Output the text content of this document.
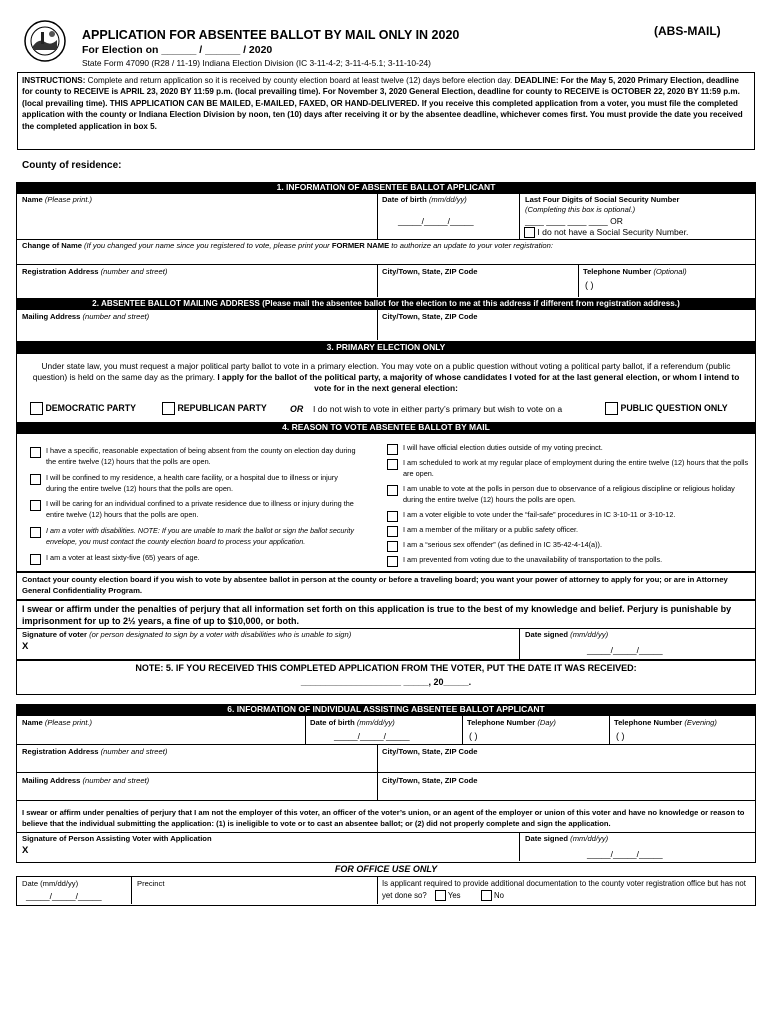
APPLICATION FOR ABSENTEE BALLOT BY MAIL ONLY IN 2020	(ABS-MAIL)
For Election on ______ / ______ / 2020
State Form 47090 (R28 / 11-19) Indiana Election Division (IC 3-11-4-2; 3-11-4-5.1; 3-11-10-24)
INSTRUCTIONS: Complete and return application so it is received by county election board at least twelve (12) days before election day. DEADLINE: For the May 5, 2020 Primary Election, deadline for county to RECEIVE is APRIL 23, 2020 BY 11:59 p.m. (local prevailing time). For November 3, 2020 General Election, deadline for county to RECEIVE is OCTOBER 22, 2020 BY 11:59 p.m. (local prevailing time). THIS APPLICATION CAN BE MAILED, E-MAILED, FAXED, OR HAND-DELIVERED. If you receive this completed application from a voter, you must file the completed application with the county or Indiana Election Division by noon, ten (10) days after receiving it or by the absentee deadline, whichever comes first. You must provide the date you received the completed application in box 5.
County of residence:
1. INFORMATION OF ABSENTEE BALLOT APPLICANT
Name (Please print.)	Date of birth (mm/dd/yy)
_____/_____/_____
Last Four Digits of Social Security Number
(Completing this box is optional.)
____ ____ ____ ____ OR
I do not have a Social Security Number.
Change of Name (If you changed your name since you registered to vote, please print your FORMER NAME to authorize an update to your voter registration:
Registration Address (number and street)	City/Town, State, ZIP Code	Telephone Number (Optional)
( )
2. ABSENTEE BALLOT MAILING ADDRESS (Please mail the absentee ballot for the election to me at this address if different from registration address.)
Mailing Address (number and street)	City/Town, State, ZIP Code
3. PRIMARY ELECTION ONLY
Under state law, you must request a major political party ballot to vote in a primary election. You may vote on a public question without voting a political party ballot, if a referendum (public question) is held on the same day as the primary. I apply for the ballot of the political party, a majority of whose candidates I voted for at the last general election, or whom I intend to vote for in the next general election:
DEMOCRATIC PARTY	REPUBLICAN PARTY	OR I do not wish to vote in either party’s primary but wish to vote on a	PUBLIC QUESTION ONLY
4. REASON TO VOTE ABSENTEE BALLOT BY MAIL
I have a specific, reasonable expectation of being absent from the county on election day during the entire twelve (12) hours that the polls are open.
I will be confined to my residence, a health care facility, or a hospital due to illness or injury during the entire twelve (12) hours that the polls are open.
I will be caring for an individual confined to a private residence due to illness or injury during the entire twelve (12) hours that the polls are open.
I am a voter with disabilities. NOTE: If you are unable to mark the ballot or sign the ballot security envelope, you must contact the county election board to process your application.
I am a voter at least sixty-five (65) years of age.
I will have official election duties outside of my voting precinct.
I am scheduled to work at my regular place of employment during the entire twelve (12) hours that the polls are open.
I am unable to vote at the polls in person due to observance of a religious discipline or religious holiday during the entire twelve (12) hours the polls are open.
I am a voter eligible to vote under the “fail-safe” procedures in IC 3-10-11 or 3-10-12.
I am a member of the military or a public safety officer.
I am a “serious sex offender” (as defined in IC 35-42-4-14(a)).
I am prevented from voting due to the unavailability of transportation to the polls.
Contact your county election board if you wish to vote by absentee ballot in person at the county or before a traveling board; you want your power of attorney to apply for you; or are in Attorney General Confidentiality Program.
I swear or affirm under the penalties of perjury that all information set forth on this application is true to the best of my knowledge and belief. Perjury is punishable by imprisonment for up to 2½ years, a fine of up to $10,000, or both.
Signature of voter (or person designated to sign by a voter with disabilities who is unable to sign)
X
Date signed (mm/dd/yy)
_____/_____/_____
NOTE: 5. IF YOU RECEIVED THIS COMPLETED APPLICATION FROM THE VOTER, PUT THE DATE IT WAS RECEIVED:
____________________ _____, 20_____.
6. INFORMATION OF INDIVIDUAL ASSISTING ABSENTEE BALLOT APPLICANT
Name (Please print.)	Date of birth (mm/dd/yy)
_____/_____/_____
Telephone Number (Day)
( )
Telephone Number (Evening)
( )
Registration Address (number and street)	City/Town, State, ZIP Code
Mailing Address (number and street)	City/Town, State, ZIP Code
I swear or affirm under penalties of perjury that I am not the employer of this voter, an officer of the voter’s union, or an agent of the employer or union of this voter and have no knowledge or reason to believe that the individual submitting the application: (1) is ineligible to vote or to cast an absentee ballot; or (2) did not properly complete and sign the application.
Signature of Person Assisting Voter with Application
X
Date signed (mm/dd/yy)
_____/_____/_____
FOR OFFICE USE ONLY
Date (mm/dd/yy)
_____/_____/_____
Precinct	Is applicant required to provide additional documentation to the county voter registration office but has not yet done so?	Yes	No
